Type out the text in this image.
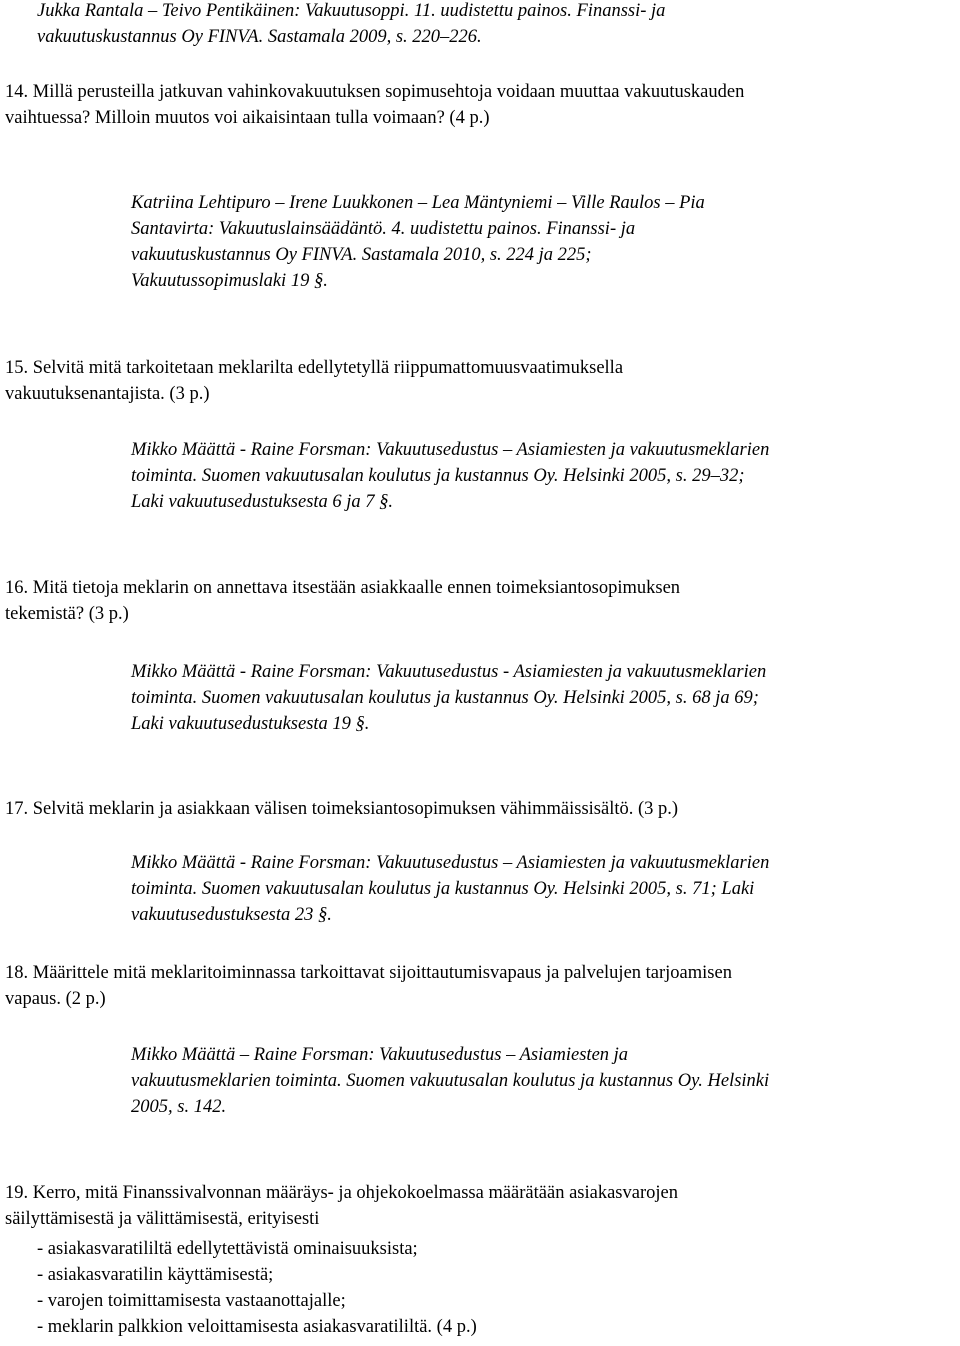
Jukka Rantala – Teivo Pentikäinen: Vakuutusoppi. 11. uudistettu painos. Finanssi- ja
vakuutuskustannus Oy FINVA. Sastamala 2009, s. 220–226.

14. Millä perusteilla jatkuvan vahinkovakuutuksen sopimusehtoja voidaan muuttaa vakuutuskauden
vaihtuessa? Milloin muutos voi aikaisintaan tulla voimaan? (4 p.)

Katriina Lehtipuro – Irene Luukkonen – Lea Mäntyniemi – Ville Raulos – Pia
Santavirta: Vakuutuslainsäädäntö. 4. uudistettu painos. Finanssi- ja
vakuutuskustannus Oy FINVA. Sastamala 2010, s. 224 ja 225;
Vakuutussopimuslaki 19 §.

15. Selvitä mitä tarkoitetaan meklarilta edellytetyllä riippumattomuusvaatimuksella
vakuutuksenantajista. (3 p.)

Mikko Määttä - Raine Forsman: Vakuutusedustus – Asiamiesten ja vakuutusmeklarien
toiminta. Suomen vakuutusalan koulutus ja kustannus Oy. Helsinki 2005, s. 29–32;
Laki vakuutusedustuksesta 6 ja 7 §.

16. Mitä tietoja meklarin on annettava itsestään asiakkaalle ennen toimeksiantosopimuksen
tekemistä? (3 p.)

Mikko Määttä - Raine Forsman: Vakuutusedustus - Asiamiesten ja vakuutusmeklarien
toiminta. Suomen vakuutusalan koulutus ja kustannus Oy. Helsinki 2005, s. 68 ja 69;
Laki vakuutusedustuksesta 19 §.

17. Selvitä meklarin ja asiakkaan välisen toimeksiantosopimuksen vähimmäissisältö. (3 p.)

Mikko Määttä - Raine Forsman: Vakuutusedustus – Asiamiesten ja vakuutusmeklarien
toiminta. Suomen vakuutusalan koulutus ja kustannus Oy. Helsinki 2005, s. 71; Laki
vakuutusedustuksesta 23 §.

18. Määrittele mitä meklaritoiminnassa tarkoittavat sijoittautumisvapaus ja palvelujen tarjoamisen
vapaus. (2 p.)

Mikko Määttä – Raine Forsman: Vakuutusedustus – Asiamiesten ja
vakuutusmeklarien toiminta. Suomen vakuutusalan koulutus ja kustannus Oy. Helsinki
2005, s. 142.

19. Kerro, mitä Finanssivalvonnan määräys- ja ohjekokoelmassa määrätään asiakasvarojen
säilyttämisestä ja välittämisestä, erityisesti

- asiakasvaratililtä edellytettävistä ominaisuuksista;
- asiakasvaratilin käyttämisestä;
- varojen toimittamisesta vastaanottajalle;
- meklarin palkkion veloittamisesta asiakasvaratililtä. (4 p.)
